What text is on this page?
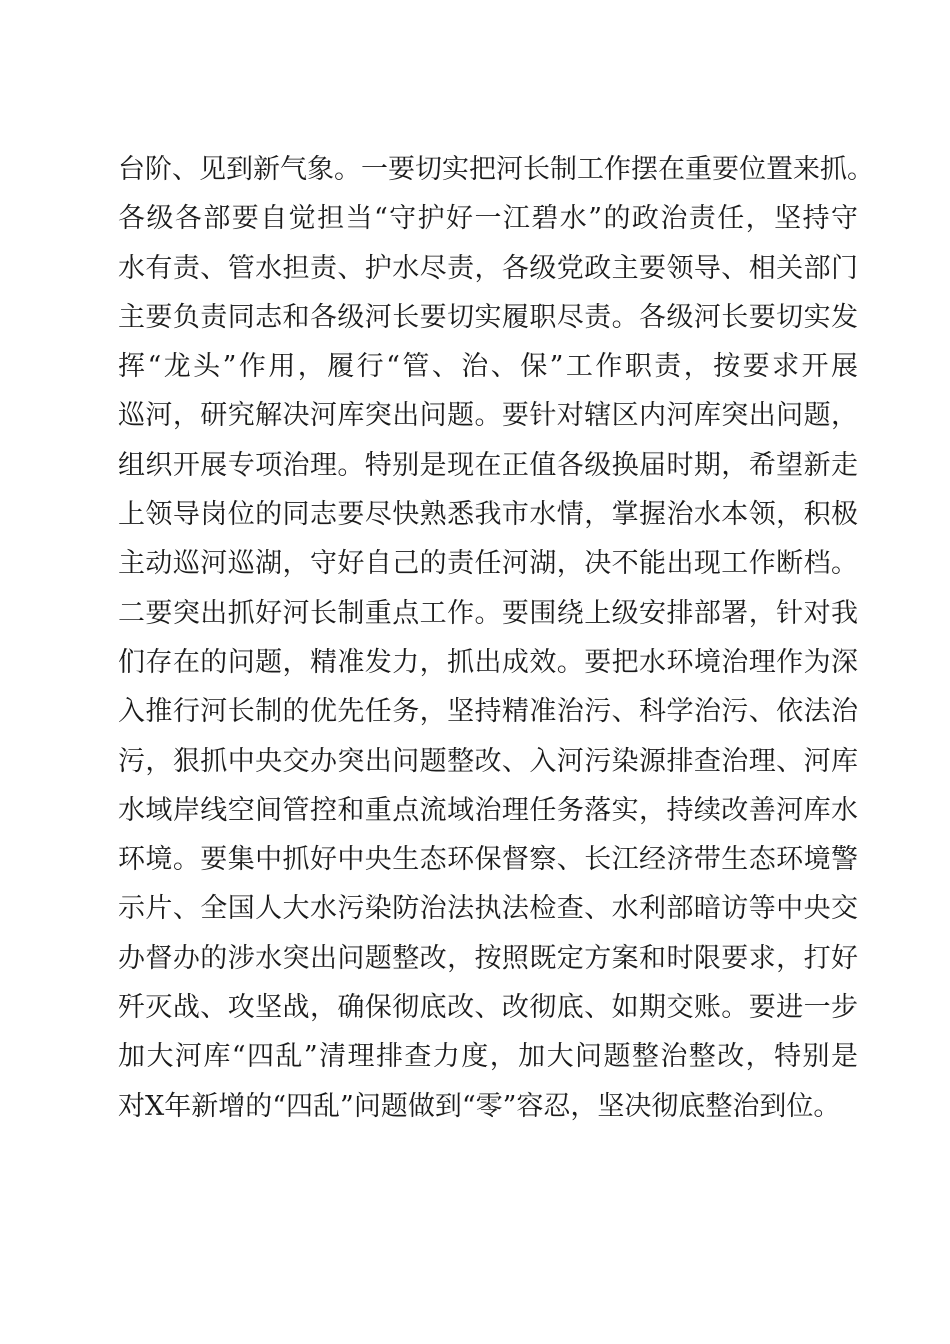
台阶、见到新气象。一要切实把河长制工作摆在重要位置来抓。
各级各部要自觉担当“守护好一江碧水”的政治责任，坚持守
水有责、管水担责、护水尽责，各级党政主要领导、相关部门
主要负责同志和各级河长要切实履职尽责。各级河长要切实发
挥“龙头”作用，履行“管、治、保”工作职责，按要求开展
巡河，研究解决河库突出问题。要针对辖区内河库突出问题，
组织开展专项治理。特别是现在正值各级换届时期，希望新走
上领导岗位的同志要尽快熟悉我市水情，掌握治水本领，积极
主动巡河巡湖，守好自己的责任河湖，决不能出现工作断档。
二要突出抓好河长制重点工作。要围绕上级安排部署，针对我
们存在的问题，精准发力，抓出成效。要把水环境治理作为深
入推行河长制的优先任务，坚持精准治污、科学治污、依法治
污，狠抓中央交办突出问题整改、入河污染源排查治理、河库
水域岸线空间管控和重点流域治理任务落实，持续改善河库水
环境。要集中抓好中央生态环保督察、长江经济带生态环境警
示片、全国人大水污染防治法执法检查、水利部暗访等中央交
办督办的涉水突出问题整改，按照既定方案和时限要求，打好
歼灭战、攻坚战，确保彻底改、改彻底、如期交账。要进一步
加大河库“四乱”清理排查力度，加大问题整治整改，特别是
对X年新增的“四乱”问题做到“零”容忍，坚决彻底整治到位。
